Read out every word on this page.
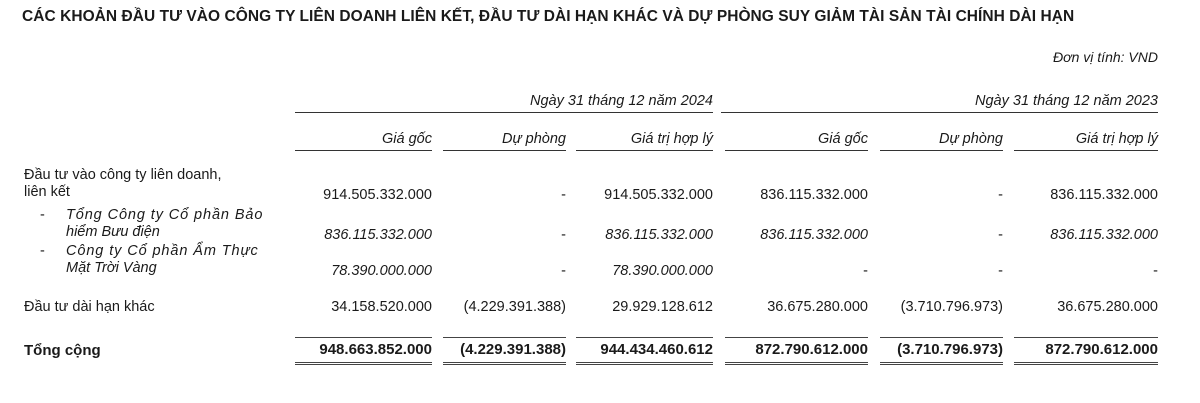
CÁC KHOẢN ĐẦU TƯ VÀO CÔNG TY LIÊN DOANH LIÊN KẾT, ĐẦU TƯ DÀI HẠN KHÁC VÀ DỰ PHÒNG SUY GIẢM TÀI SẢN TÀI CHÍNH DÀI HẠN
Đơn vị tính: VND
Ngày 31 tháng 12 năm 2024	Ngày 31 tháng 12 năm 2023
Giá gốc	Dự phòng	Giá trị hợp lý	Giá gốc	Dự phòng	Giá trị hợp lý
Đầu tư vào công ty liên doanh,
liên kết	914.505.332.000	-	914.505.332.000	836.115.332.000	-	836.115.332.000
- Tổng Công ty Cổ phần Bảo
hiểm Bưu điện	836.115.332.000	-	836.115.332.000	836.115.332.000	-	836.115.332.000
- Công ty Cổ phần Ẩm Thực
Mặt Trời Vàng	78.390.000.000	-	78.390.000.000	-	-	-
Đầu tư dài hạn khác	34.158.520.000	(4.229.391.388)	29.929.128.612	36.675.280.000	(3.710.796.973)	36.675.280.000
Tổng cộng	948.663.852.000	(4.229.391.388)	944.434.460.612	872.790.612.000	(3.710.796.973)	872.790.612.000
